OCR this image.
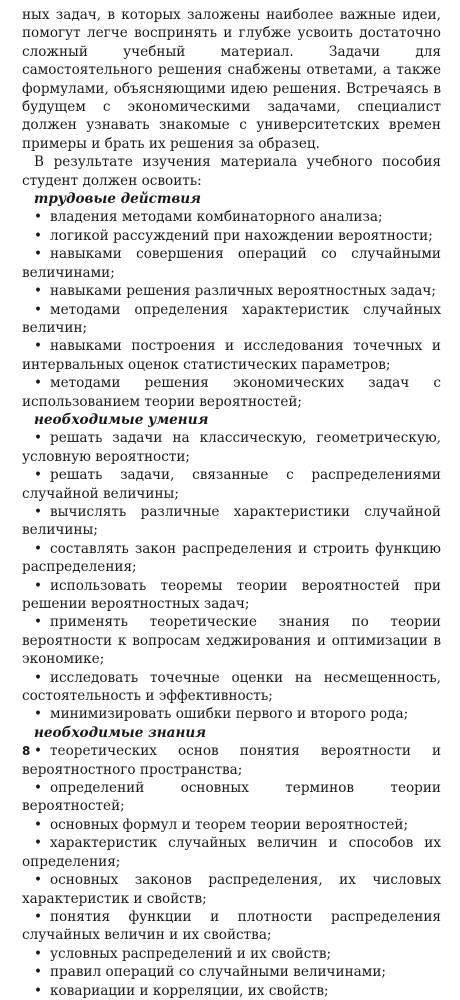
ных задач, в которых заложены наиболее важные идеи, помогут легче воспринять и глубже усвоить достаточно сложный учебный материал. Задачи для самостоятельного решения снабжены ответами, а также формулами, объясняющими идею решения. Встречаясь в будущем с экономическими задачами, специалист должен узнавать знакомые с университетских времен примеры и брать их решения за образец.

В результате изучения материала учебного пособия студент должен освоить:

трудовые действия

• владения методами комбинаторного анализа;

• логикой рассуждений при нахождении вероятности;

• навыками совершения операций со случайными величинами;

• навыками решения различных вероятностных задач;

• методами определения характеристик случайных величин;

• навыками построения и исследования точечных и интервальных оценок статистических параметров;

• методами решения экономических задач с использованием теории вероятностей;

необходимые умения

• решать задачи на классическую, геометрическую, условную вероятности;

• решать задачи, связанные с распределениями случайной величины;

• вычислять различные характеристики случайной величины;

• составлять закон распределения и строить функцию распределения;

• использовать теоремы теории вероятностей при решении вероятностных задач;

• применять теоретические знания по теории вероятности к вопросам хеджирования и оптимизации в экономике;

• исследовать точечные оценки на несмещенность, состоятельность и эффективность;

• минимизировать ошибки первого и второго рода;

необходимые знания

• теоретических основ понятия вероятности и вероятностного пространства;

• определений основных терминов теории вероятностей;

• основных формул и теорем теории вероятностей;

• характеристик случайных величин и способов их определения;

• основных законов распределения, их числовых характеристик и свойств;

• понятия функции и плотности распределения случайных величин и их свойства;

• условных распределений и их свойств;

• правил операций со случайными величинами;

• ковариации и корреляции, их свойств;

8
